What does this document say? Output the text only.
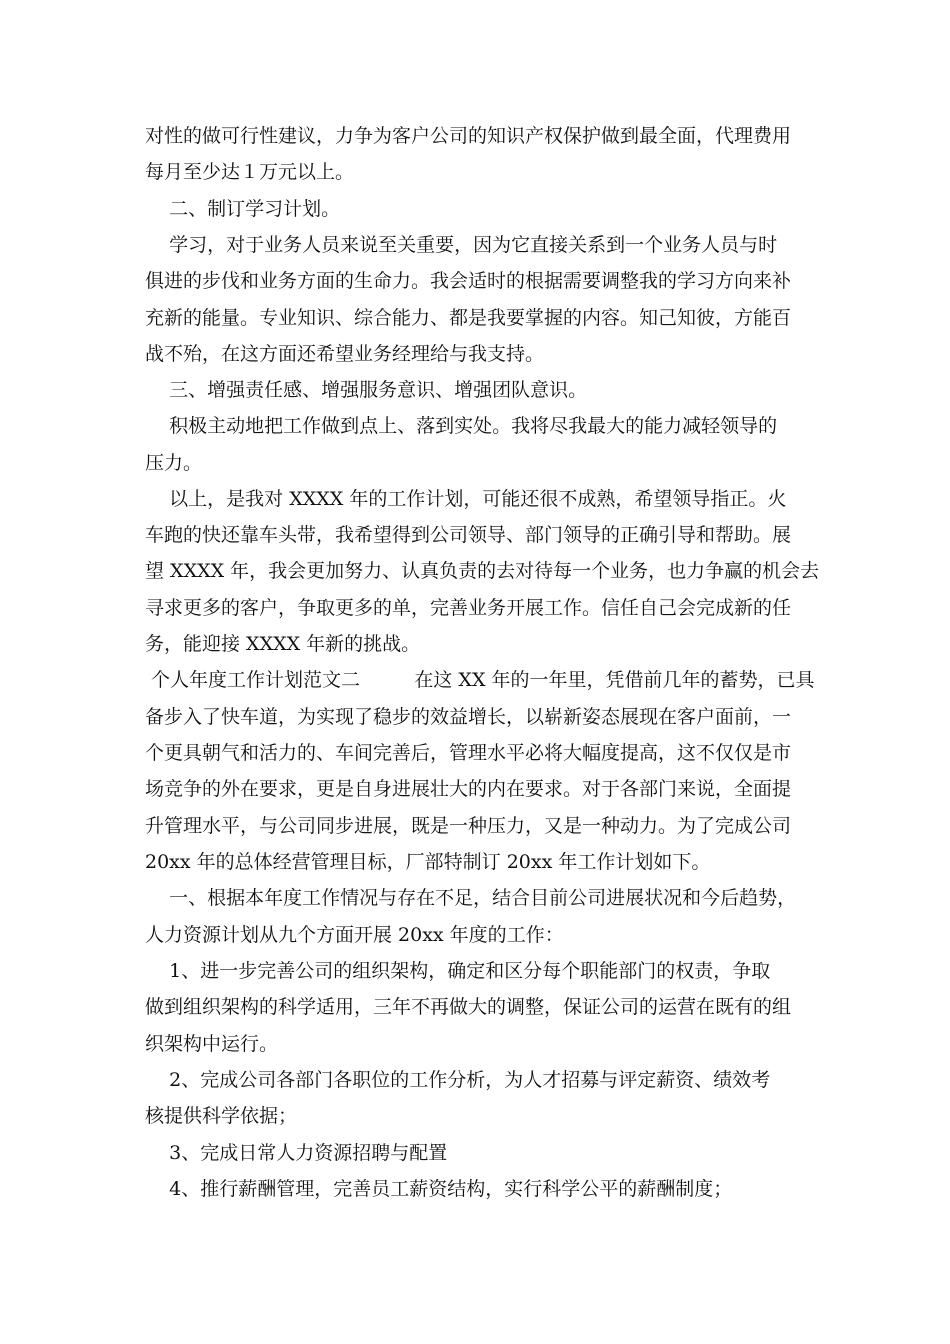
对性的做可行性建议，力争为客户公司的知识产权保护做到最全面，代理费用
每月至少达１万元以上。
二、制订学习计划。
学习，对于业务人员来说至关重要，因为它直接关系到一个业务人员与时
俱进的步伐和业务方面的生命力。我会适时的根据需要调整我的学习方向来补
充新的能量。专业知识、综合能力、都是我要掌握的内容。知己知彼，方能百
战不殆，在这方面还希望业务经理给与我支持。
三、增强责任感、增强服务意识、增强团队意识。
积极主动地把工作做到点上、落到实处。我将尽我最大的能力减轻领导的
压力。
以上，是我对 XXXX 年的工作计划，可能还很不成熟，希望领导指正。火
车跑的快还靠车头带，我希望得到公司领导、部门领导的正确引导和帮助。展
望 XXXX 年，我会更加努力、认真负责的去对待每一个业务，也力争赢的机会去
寻求更多的客户，争取更多的单，完善业务开展工作。信任自己会完成新的任
务，能迎接 XXXX 年新的挑战。
个人年度工作计划范文二         在这 XX 年的一年里，凭借前几年的蓄势，已具
备步入了快车道，为实现了稳步的效益增长，以崭新姿态展现在客户面前，一
个更具朝气和活力的、车间完善后，管理水平必将大幅度提高，这不仅仅是市
场竞争的外在要求，更是自身进展壮大的内在要求。对于各部门来说，全面提
升管理水平，与公司同步进展，既是一种压力，又是一种动力。为了完成公司
20xx 年的总体经营管理目标，厂部特制订 20xx 年工作计划如下。
一、根据本年度工作情况与存在不足，结合目前公司进展状况和今后趋势，
人力资源计划从九个方面开展 20xx 年度的工作：
1、进一步完善公司的组织架构，确定和区分每个职能部门的权责，争取
做到组织架构的科学适用，三年不再做大的调整，保证公司的运营在既有的组
织架构中运行。
2、完成公司各部门各职位的工作分析，为人才招募与评定薪资、绩效考
核提供科学依据；
3、完成日常人力资源招聘与配置
4、推行薪酬管理，完善员工薪资结构，实行科学公平的薪酬制度；
